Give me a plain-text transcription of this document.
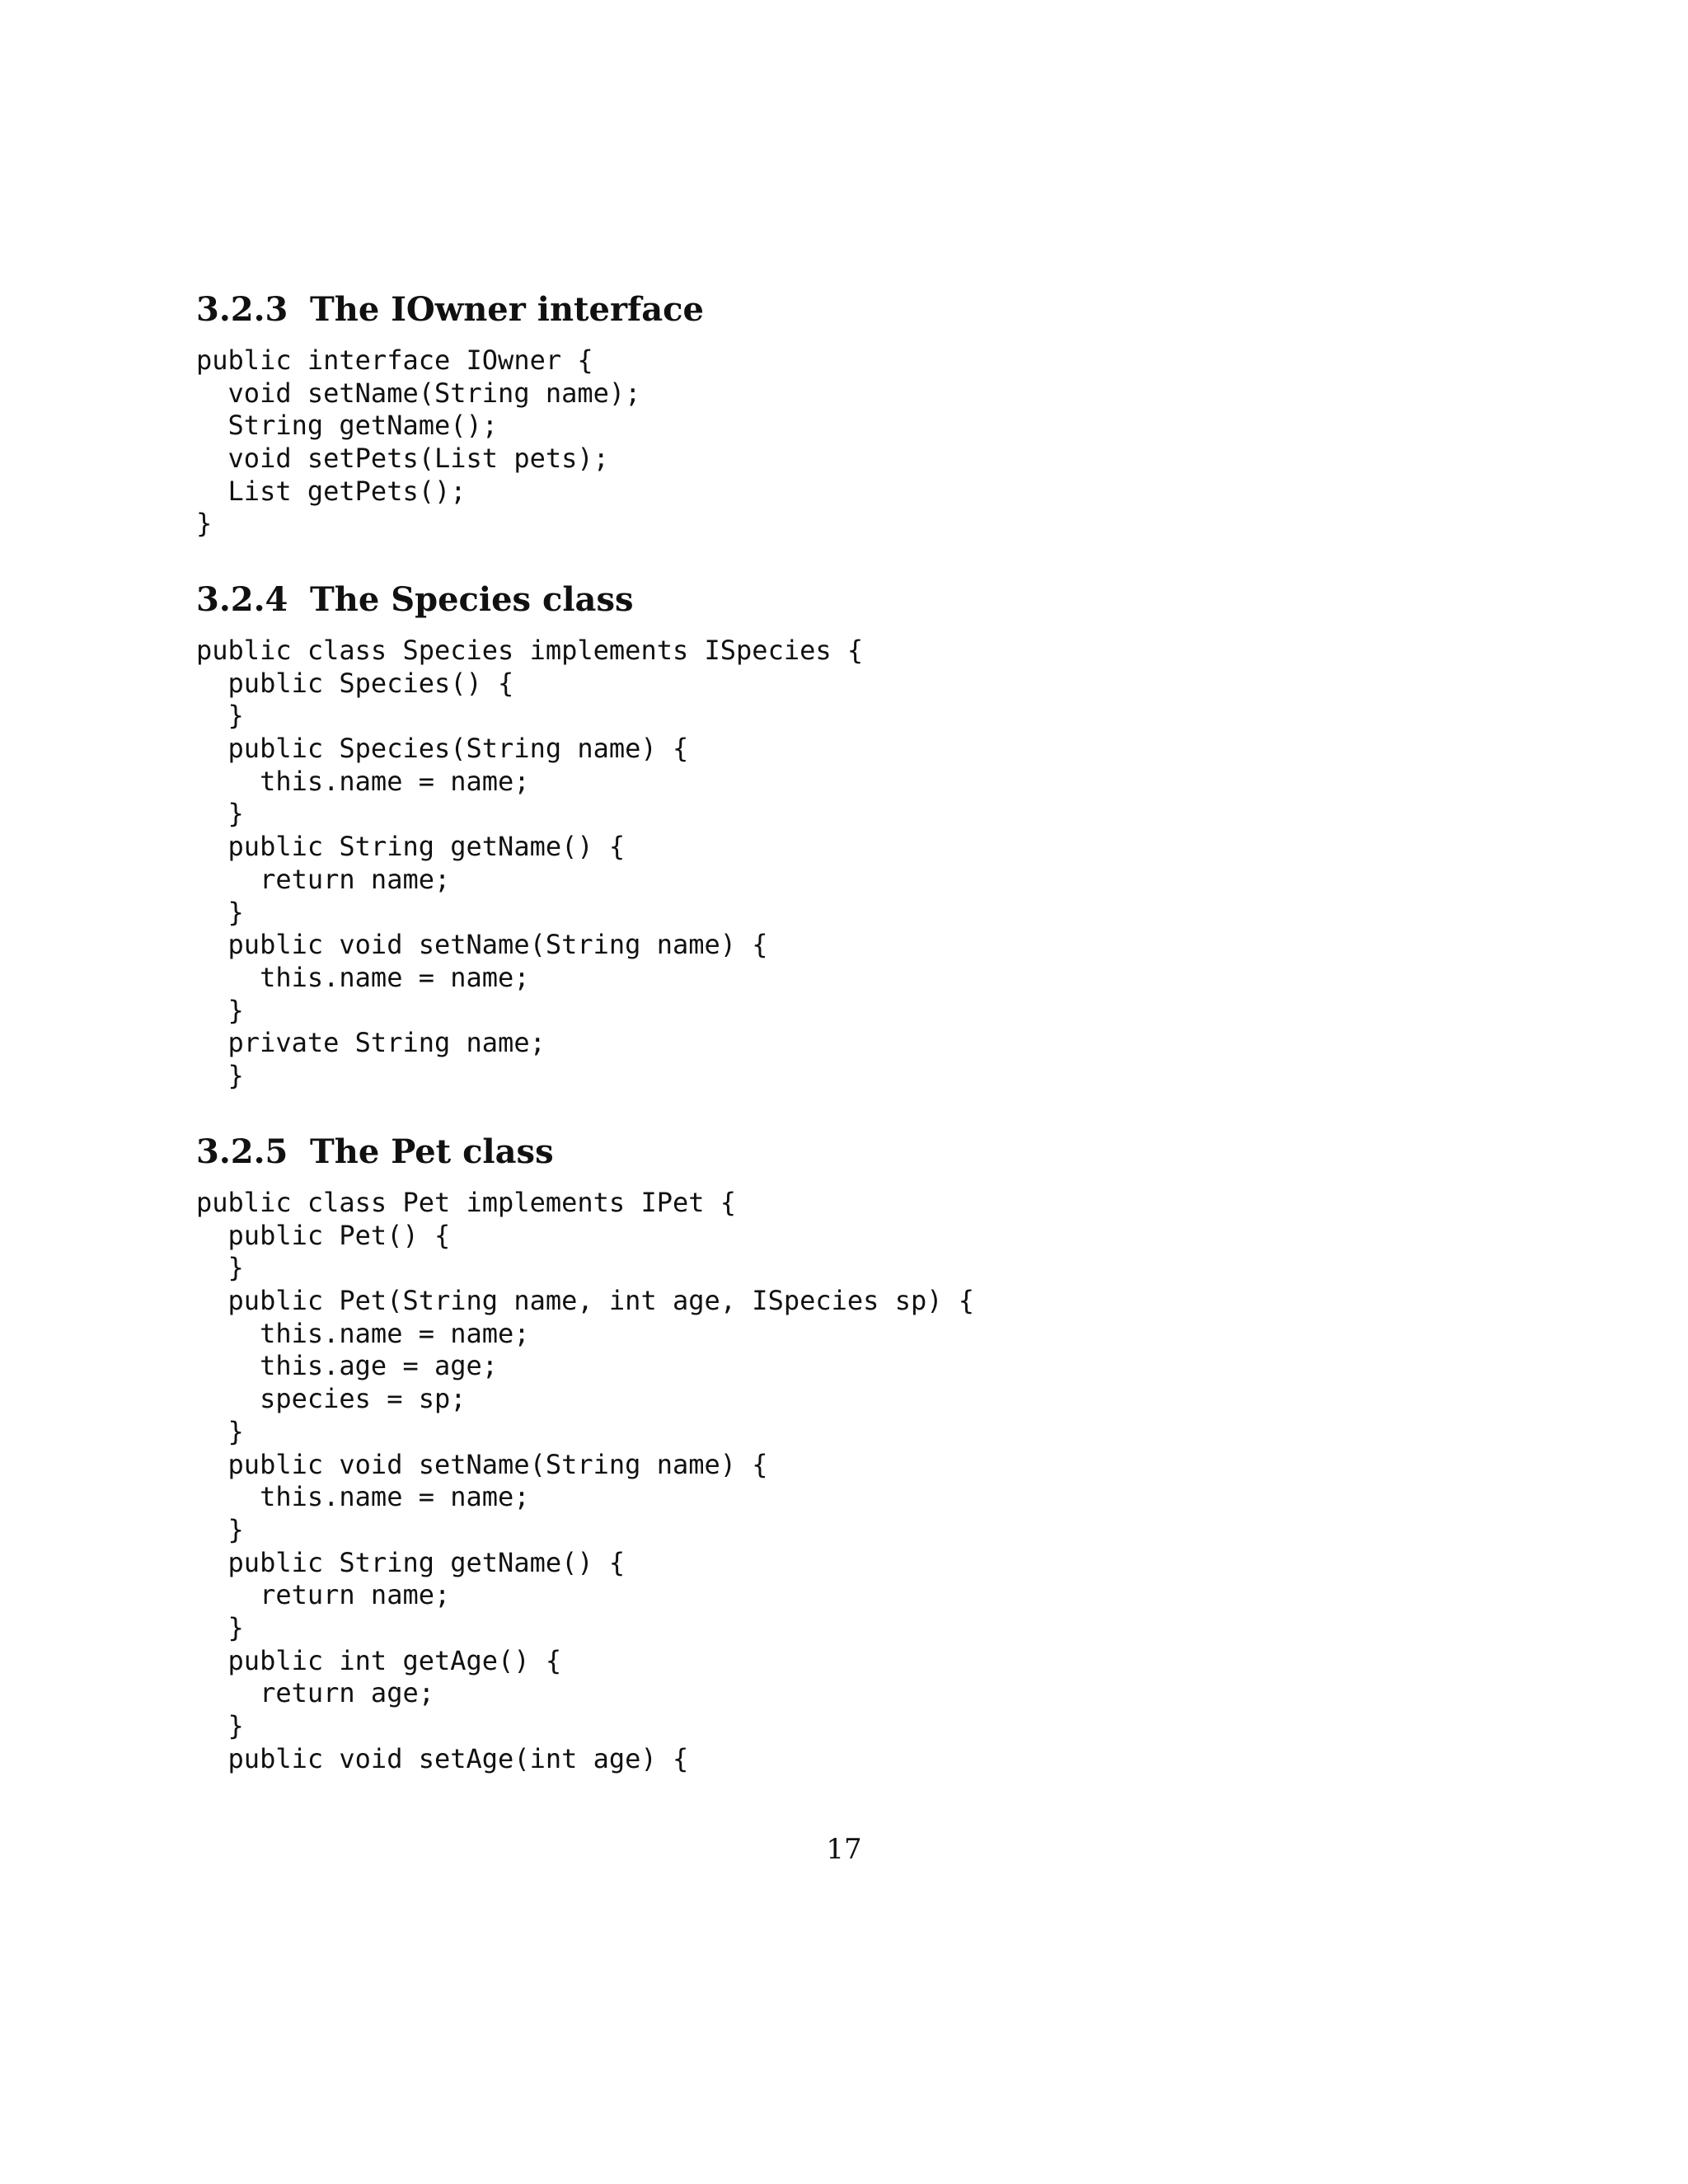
3.2.3 The IOwner interface
public interface IOwner {
void setName(String name);
String getName();
void setPets(List pets);
List getPets();
}
3.2.4 The Species class
public class Species implements ISpecies {
public Species() {
}
public Species(String name) {
this.name = name;
}
public String getName() {
return name;
}
public void setName(String name) {
this.name = name;
}
private String name;
}
3.2.5 The Pet class
public class Pet implements IPet {
public Pet() {
}
public Pet(String name, int age, ISpecies sp) {
this.name = name;
this.age = age;
species = sp;
}
public void setName(String name) {
this.name = name;
}
public String getName() {
return name;
}
public int getAge() {
return age;
}
public void setAge(int age) {
17
